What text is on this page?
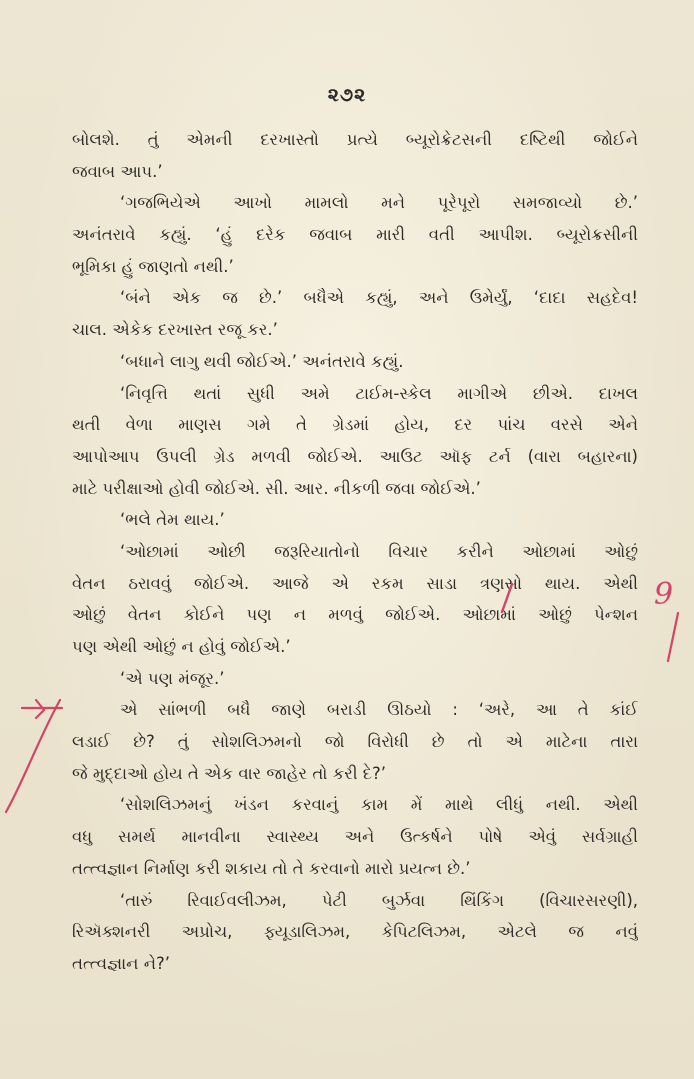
૨૭૨
બોલશે. તું એમની દરખાસ્તો પ્રત્યે બ્યૂરોક્રેટસની દષ્ટિથી જોઈને
જવાબ આપ.’
‘ગજભિયેએ આખો મામલો મને પૂરેપૂરો સમજાવ્યો છે.’
અનંતરાવે કહ્યું. ‘હું દરેક જવાબ મારી વતી આપીશ. બ્યૂરોક્રસીની
ભૂમિકા હું જાણતો નથી.’
‘બંને એક જ છે.’ બધૈએ કહ્યું, અને ઉમેર્યું, ‘દાદા સહદેવ!
ચાલ. એકેક દરખાસ્ત રજૂ કર.’
‘બધાને લાગુ થવી જોઈએ.’ અનંતરાવે કહ્યું.
‘નિવૃત્તિ થતાં સુધી અમે ટાઈમ-સ્કેલ માગીએ છીએ. દાખલ
થતી વેળા માણસ ગમે તે ગ્રેડમાં હોય, દર પાંચ વરસે એને
આપોઆપ ઉપલી ગ્રેડ મળવી જોઈએ. આઉટ ઑફ ટર્ન (વારા બહારના)
માટે પરીક્ષાઓ હોવી જોઈએ. સી. આર. નીકળી જવા જોઈએ.’
‘ભલે તેમ થાય.’
‘ઓછામાં ઓછી જરૂરિયાતોનો વિચાર કરીને ઓછામાં ઓછું
વેતન ઠરાવવું જોઈએ. આજે એ રકમ સાડા ત્રણસો થાય. એથી
ઓછું વેતન કોઈને પણ ન મળવું જોઈએ. ઓછામાં ઓછું પેન્શન
પણ એથી ઓછું ન હોવું જોઈએ.’
‘એ પણ મંજૂર.’
એ સાંભળી બધૈ જાણે બરાડી ઊઠયો : ‘અરે, આ તે કાંઈ
લડાઈ છે? તું સોશલિઝમનો જો વિરોધી છે તો એ માટેના તારા
જે મુદ્દાઓ હોય તે એક વાર જાહેર તો કરી દે?’
‘સોશલિઝમનું ખંડન કરવાનું કામ મેં માથે લીધું નથી. એથી
વધુ સમર્થ માનવીના સ્વાસ્થ્ય અને ઉત્કર્ષને પોષે એવું સર્વગ્રાહી
તત્ત્વજ્ઞાન નિર્માણ કરી શકાય તો તે કરવાનો મારો પ્રયત્ન છે.’
‘તારું રિવાઈવલીઝમ, પેટી બુર્ઝવા થિંકિંગ (વિચારસરણી),
રિઍક્શનરી અપ્રોચ, ફ્યૂડાલિઝમ, કેપિટલિઝમ, એટલે જ નવું
તત્ત્વજ્ઞાન ને?’
9
